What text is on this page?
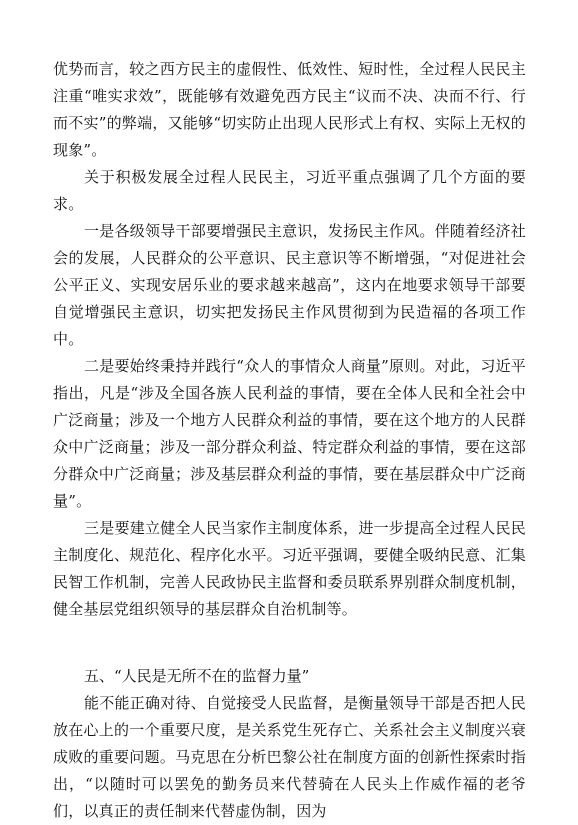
优势而言，较之西方民主的虚假性、低效性、短时性，全过程人民民主注重“唯实求效”，既能够有效避免西方民主“议而不决、决而不行、行而不实”的弊端，又能够“切实防止出现人民形式上有权、实际上无权的现象”。

关于积极发展全过程人民民主，习近平重点强调了几个方面的要求。

一是各级领导干部要增强民主意识，发扬民主作风。伴随着经济社会的发展，人民群众的公平意识、民主意识等不断增强，“对促进社会公平正义、实现安居乐业的要求越来越高”，这内在地要求领导干部要自觉增强民主意识，切实把发扬民主作风贯彻到为民造福的各项工作中。

二是要始终秉持并践行“众人的事情众人商量”原则。对此，习近平指出，凡是“涉及全国各族人民利益的事情，要在全体人民和全社会中广泛商量；涉及一个地方人民群众利益的事情，要在这个地方的人民群众中广泛商量；涉及一部分群众利益、特定群众利益的事情，要在这部分群众中广泛商量；涉及基层群众利益的事情，要在基层群众中广泛商量”。

三是要建立健全人民当家作主制度体系，进一步提高全过程人民民主制度化、规范化、程序化水平。习近平强调，要健全吸纳民意、汇集民智工作机制，完善人民政协民主监督和委员联系界别群众制度机制，健全基层党组织领导的基层群众自治机制等。

五、“人民是无所不在的监督力量”

能不能正确对待、自觉接受人民监督，是衡量领导干部是否把人民放在心上的一个重要尺度，是关系党生死存亡、关系社会主义制度兴衰成败的重要问题。马克思在分析巴黎公社在制度方面的创新性探索时指出，“以随时可以罢免的勤务员来代替骑在人民头上作威作福的老爷们，以真正的责任制来代替虚伪制，因为
